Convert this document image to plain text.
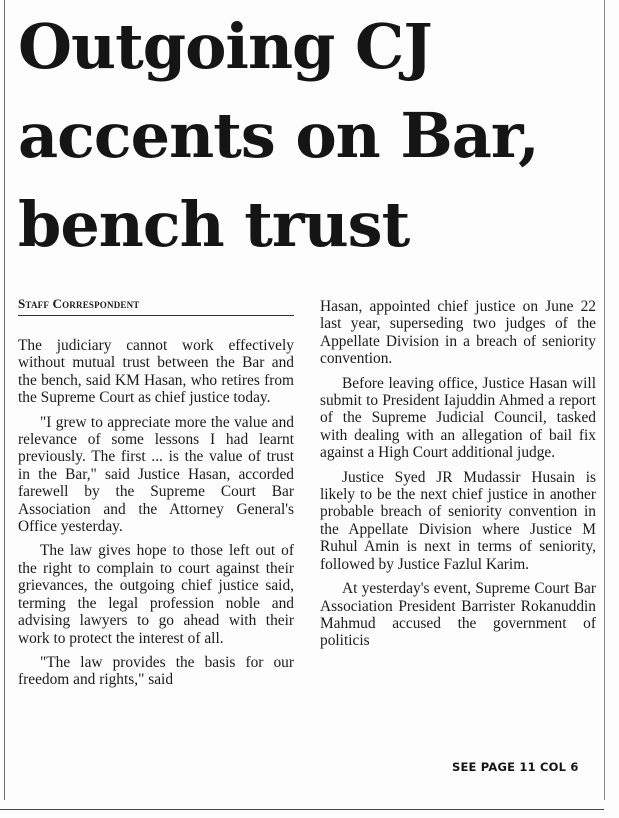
Outgoing CJ
accents on Bar,
bench trust
Staff Correspondent

The judiciary cannot work effectively without mutual trust between the Bar and the bench, said KM Hasan, who retires from the Supreme Court as chief justice today.

"I grew to appreciate more the value and relevance of some lessons I had learnt previously. The first ... is the value of trust in the Bar," said Justice Hasan, accorded farewell by the Supreme Court Bar Association and the Attorney General's Office yesterday.

The law gives hope to those left out of the right to complain to court against their grievances, the outgoing chief justice said, terming the legal profession noble and advising lawyers to go ahead with their work to protect the interest of all.

"The law provides the basis for our freedom and rights," said

Hasan, appointed chief justice on June 22 last year, superseding two judges of the Appellate Division in a breach of seniority convention.

Before leaving office, Justice Hasan will submit to President Iajuddin Ahmed a report of the Supreme Judicial Council, tasked with dealing with an allegation of bail fix against a High Court additional judge.

Justice Syed JR Mudassir Husain is likely to be the next chief justice in another probable breach of seniority convention in the Appellate Division where Justice M Ruhul Amin is next in terms of seniority, followed by Justice Fazlul Karim.

At yesterday's event, Supreme Court Bar Association President Barrister Rokanuddin Mahmud accused the government of politicis

SEE PAGE 11 COL 6
